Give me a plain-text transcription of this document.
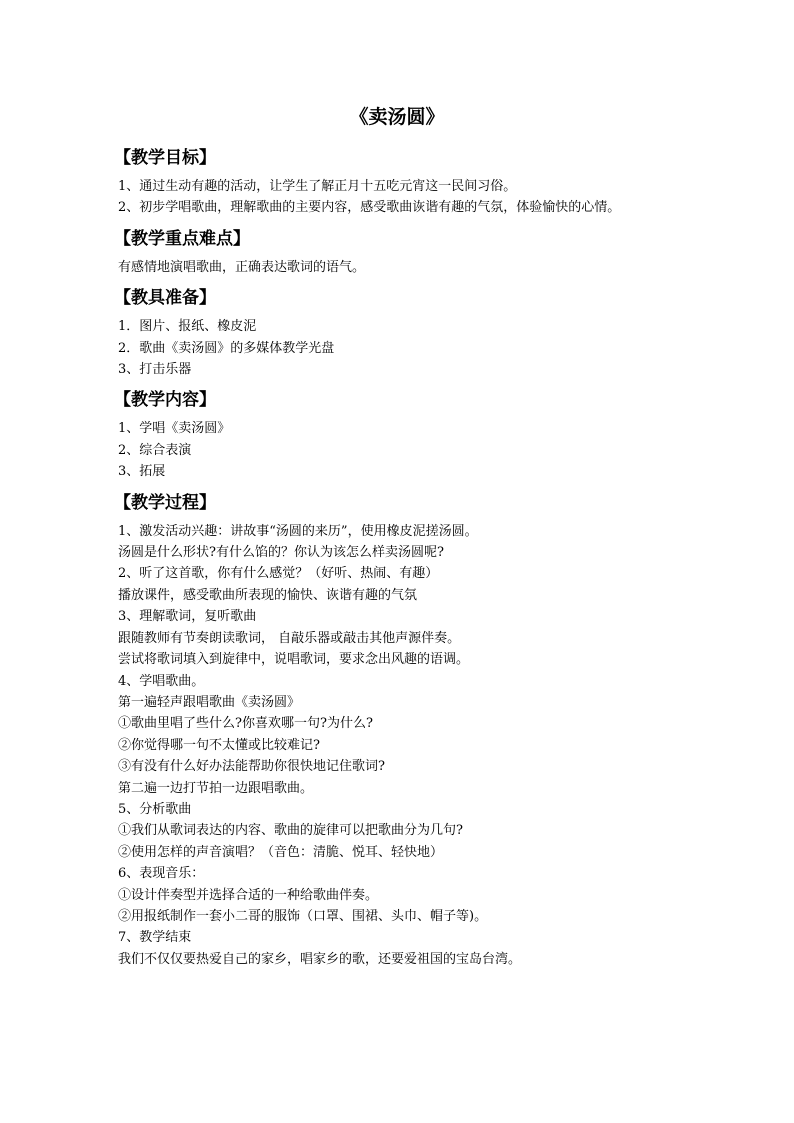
《卖汤圆》
【教学目标】
1、通过生动有趣的活动，让学生了解正月十五吃元宵这一民间习俗。
2、初步学唱歌曲，理解歌曲的主要内容，感受歌曲诙谐有趣的气氛，体验愉快的心情。
【教学重点难点】
有感情地演唱歌曲，正确表达歌词的语气。
【教具准备】
1．图片、报纸、橡皮泥
2．歌曲《卖汤圆》的多媒体教学光盘
3、打击乐器
【教学内容】
1、学唱《卖汤圆》
2、综合表演
3、拓展
【教学过程】
1、激发活动兴趣：讲故事“汤圆的来历”，使用橡皮泥搓汤圆。
汤圆是什么形状?有什么馅的？你认为该怎么样卖汤圆呢?
2、听了这首歌，你有什么感觉？（好听、热闹、有趣）
播放课件，感受歌曲所表现的愉快、诙谐有趣的气氛
3、理解歌词，复听歌曲
跟随教师有节奏朗读歌词， 自敲乐器或敲击其他声源伴奏。
尝试将歌词填入到旋律中，说唱歌词，要求念出风趣的语调。
4、学唱歌曲。
第一遍轻声跟唱歌曲《卖汤圆》
①歌曲里唱了些什么?你喜欢哪一句?为什么?
②你觉得哪一句不太懂或比较难记?
③有没有什么好办法能帮助你很快地记住歌词?
第二遍一边打节拍一边跟唱歌曲。
5、分析歌曲
①我们从歌词表达的内容、歌曲的旋律可以把歌曲分为几句?
②使用怎样的声音演唱？（音色：清脆、悦耳、轻快地）
6、表现音乐：
①设计伴奏型并选择合适的一种给歌曲伴奏。
②用报纸制作一套小二哥的服饰（口罩、围裙、头巾、帽子等)。
7、教学结束
我们不仅仅要热爱自己的家乡，唱家乡的歌，还要爱祖国的宝岛台湾。
